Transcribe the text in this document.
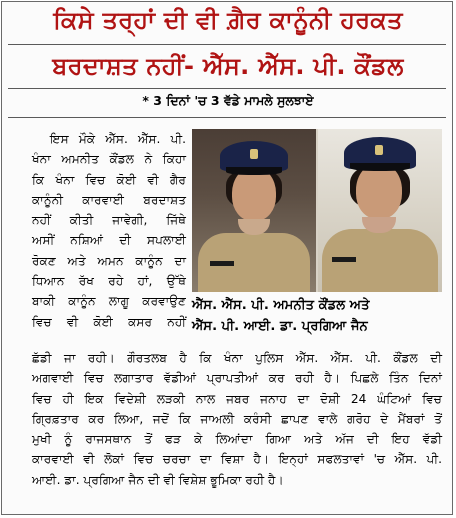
ਕਿਸੇ ਤਰ੍ਹਾਂ ਦੀ ਵੀ ਗ਼ੈਰ ਕਾਨੂੰਨੀ ਹਰਕਤ
ਬਰਦਾਸ਼ਤ ਨਹੀਂ- ਐੱਸ. ਐੱਸ. ਪੀ. ਕੌਂਡਲ
* 3 ਦਿਨਾਂ 'ਚ 3 ਵੱਡੇ ਮਾਮਲੇ ਸੁਲਝਾਏ
ਇਸ ਮੌਕੇ ਐੱਸ. ਐੱਸ. ਪੀ.
ਖੰਨਾ ਅਮਨੀਤ ਕੌਂਡਲ ਨੇ ਕਿਹਾ
ਕਿ ਖੰਨਾ ਵਿਚ ਕੋਈ ਵੀ ਗੈਰ
ਕਾਨੂੰਨੀ ਕਾਰਵਾਈ ਬਰਦਾਸ਼ਤ
ਨਹੀਂ ਕੀਤੀ ਜਾਵੇਗੀ, ਜਿੱਥੇ
ਅਸੀਂ ਨਸ਼ਿਆਂ ਦੀ ਸਪਲਾਈ
ਰੋਕਣ ਅਤੇ ਅਮਨ ਕਾਨੂੰਨ ਦਾ
ਧਿਆਨ ਰੱਖ ਰਹੇ ਹਾਂ, ਉੱਥੇ
ਬਾਕੀ ਕਾਨੂੰਨ ਲਾਗੂ ਕਰਵਾਉਣ
ਵਿਚ ਵੀ ਕੋਈ ਕਸਰ ਨਹੀਂ
ਐੱਸ. ਐੱਸ. ਪੀ. ਅਮਨੀਤ ਕੌਂਡਲ ਅਤੇ
ਐੱਸ. ਪੀ. ਆਈ. ਡਾ. ਪ੍ਰਗਿਆ ਜੈਨ
ਛੱਡੀ ਜਾ ਰਹੀ। ਗੌਰਤਲਬ ਹੈ ਕਿ ਖੰਨਾ ਪੁਲਿਸ ਐੱਸ. ਐੱਸ. ਪੀ. ਕੌਂਡਲ ਦੀ
ਅਗਵਾਈ ਵਿਚ ਲਗਾਤਾਰ ਵੱਡੀਆਂ ਪ੍ਰਾਪਤੀਆਂ ਕਰ ਰਹੀ ਹੈ। ਪਿਛਲੇ ਤਿੰਨ ਦਿਨਾਂ
ਵਿਚ ਹੀ ਇਕ ਵਿਦੇਸ਼ੀ ਲੜਕੀ ਨਾਲ ਜਬਰ ਜਨਾਹ ਦਾ ਦੋਸ਼ੀ 24 ਘੰਟਿਆਂ ਵਿਚ
ਗ੍ਰਿਫ਼ਤਾਰ ਕਰ ਲਿਆ, ਜਦੋਂ ਕਿ ਜਾਅਲੀ ਕਰੰਸੀ ਛਾਪਣ ਵਾਲੇ ਗਰੋਹ ਦੇ ਮੈਂਬਰਾਂ ਤੋਂ
ਮੁਖੀ ਨੂੰ ਰਾਜਸਥਾਨ ਤੋਂ ਫੜ ਕੇ ਲਿਆਂਦਾ ਗਿਆ ਅਤੇ ਅੱਜ ਦੀ ਇਹ ਵੱਡੀ
ਕਾਰਵਾਈ ਵੀ ਲੋਕਾਂ ਵਿਚ ਚਰਚਾ ਦਾ ਵਿਸ਼ਾ ਹੈ। ਇਨ੍ਹਾਂ ਸਫਲਤਾਵਾਂ 'ਚ ਐੱਸ. ਪੀ.
ਆਈ. ਡਾ. ਪ੍ਰਗਿਆ ਜੈਨ ਦੀ ਵੀ ਵਿਸ਼ੇਸ਼ ਭੂਮਿਕਾ ਰਹੀ ਹੈ।
